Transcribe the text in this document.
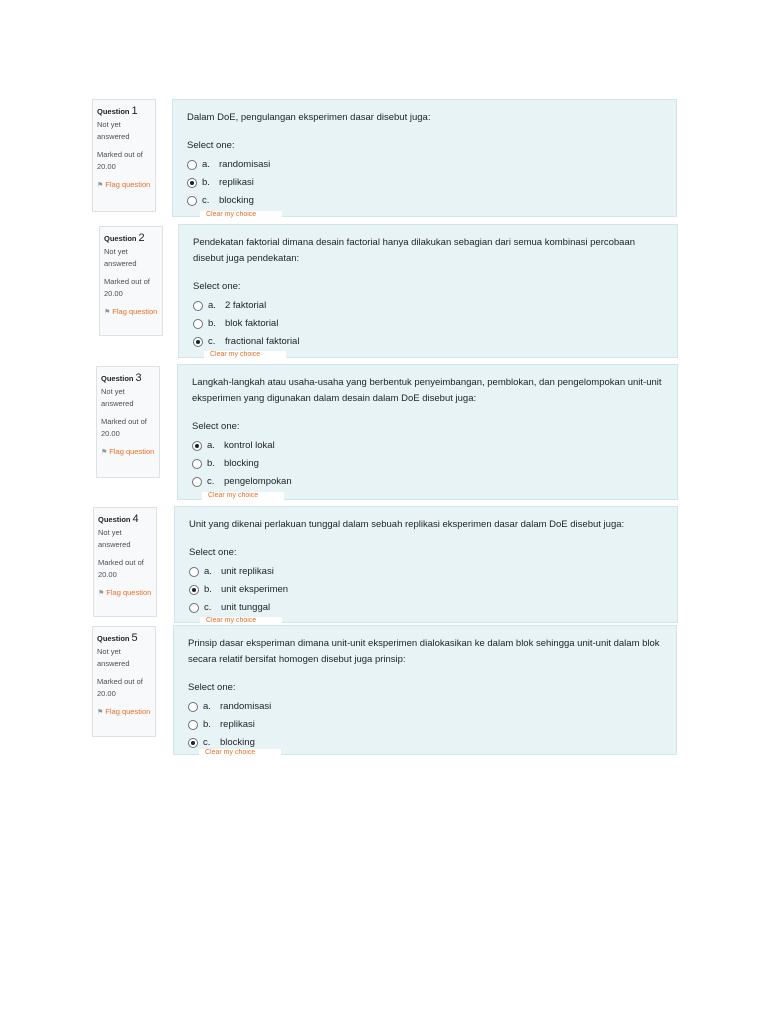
Question 1
Not yet answered
Marked out of 20.00
⚑ Flag question
Dalam DoE, pengulangan eksperimen dasar disebut juga:
Select one:
a. randomisasi
b. replikasi
c.	blocking
Clear my choice
Question 2
Not yet answered
Marked out of 20.00
⚑ Flag question
Pendekatan faktorial dimana desain factorial hanya dilakukan sebagian dari semua kombinasi percobaan disebut juga pendekatan:
Select one:
a. 2 faktorial
b. blok faktorial
c.	fractional faktorial
Clear my choice
Question 3
Not yet answered
Marked out of 20.00
⚑ Flag question
Langkah-langkah atau usaha-usaha yang berbentuk penyeimbangan, pemblokan, dan pengelompokan unit-unit eksperimen yang digunakan dalam desain dalam DoE disebut juga:
Select one:
a. kontrol lokal
b. blocking
c.	pengelompokan
Clear my choice
Question 4
Not yet answered
Marked out of 20.00
⚑ Flag question
Unit yang dikenai perlakuan tunggal dalam sebuah replikasi eksperimen dasar dalam DoE disebut juga:
Select one:
a. unit replikasi
b. unit eksperimen
c.	unit tunggal
Clear my choice
Question 5
Not yet answered
Marked out of 20.00
⚑ Flag question
Prinsip dasar eksperiman dimana unit-unit eksperimen dialokasikan ke dalam blok sehingga unit-unit dalam blok secara relatif bersifat homogen disebut juga prinsip:
Select one:
a. randomisasi
b. replikasi
c.	blocking
Clear my choice
